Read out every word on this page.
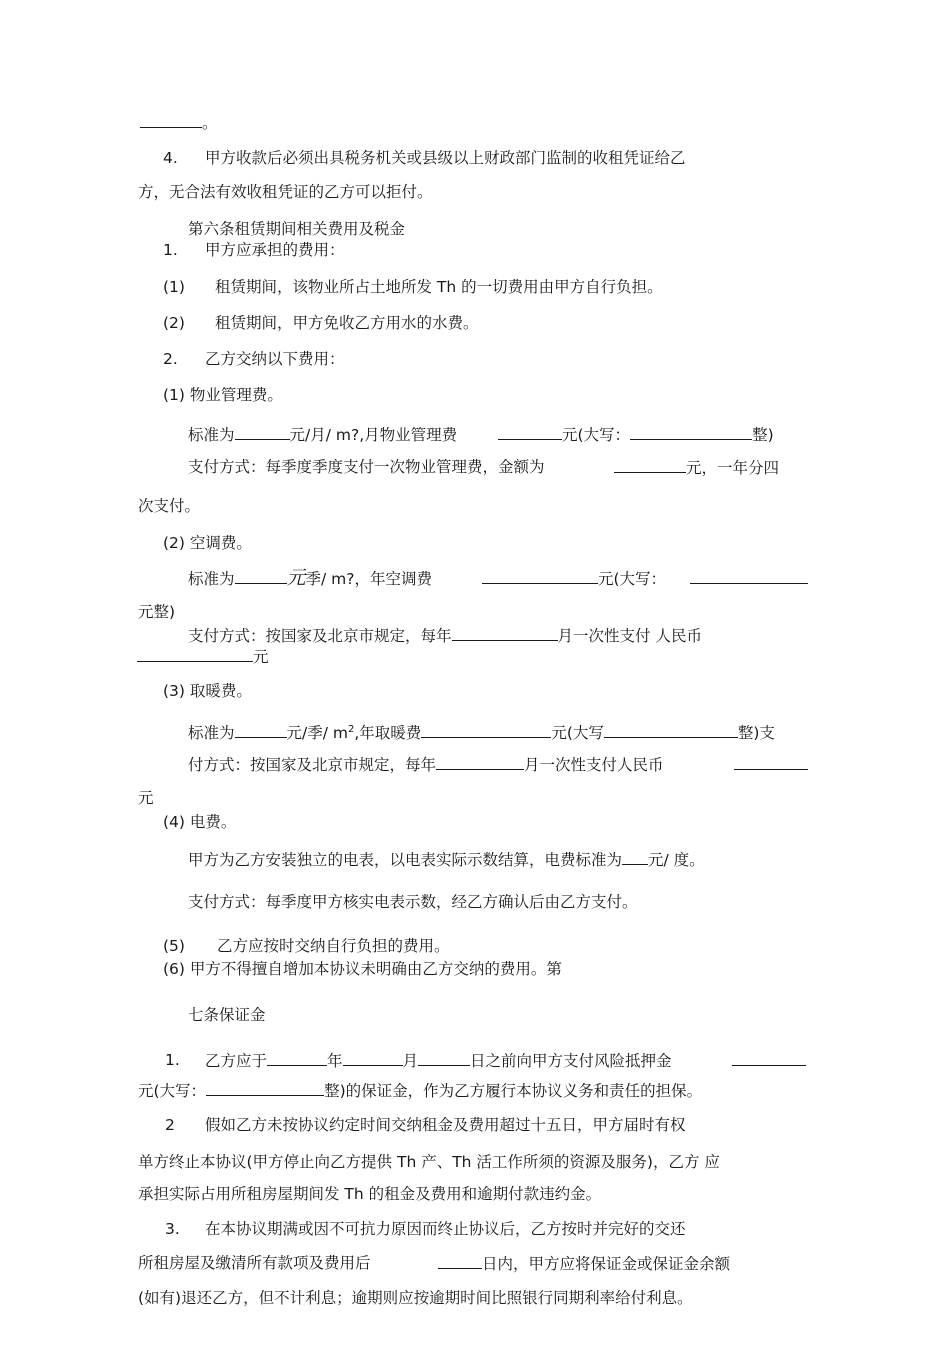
。
4. 甲方收款后必须出具税务机关或县级以上财政部门监制的收租凭证给乙
方，无合法有效收租凭证的乙方可以拒付。
第六条租赁期间相关费用及税金
1. 甲方应承担的费用：
(1) 租赁期间，该物业所占土地所发 Th 的一切费用由甲方自行负担。
(2) 租赁期间，甲方免收乙方用水的水费。
2. 乙方交纳以下费用：
(1) 物业管理费。
标准为	元/月/ m?,月物业管理费	元(大写：	整)
支付方式：每季度季度支付一次物业管理费，金额为	元，一年分四
次支付。
(2) 空调费。
标准为	元季/ m?，年空调费	元(大写：
元整)
支付方式：按国家及北京市规定，每年	月一次性支付 人民币
元
(3) 取暖费。
标准为	元/季/ $m^2$,年取暖费	元(大写	整)支
付方式：按国家及北京市规定，每年	月一次性支付人民币
元
(4) 电费。
甲方为乙方安装独立的电表，以电表实际示数结算，电费标准为 元/ 度。
支付方式：每季度甲方核实电表示数，经乙方确认后由乙方支付。
(5) 乙方应按时交纳自行负担的费用。
(6) 甲方不得擅自增加本协议未明确由乙方交纳的费用。第
七条保证金
1. 乙方应于	年	月	日之前向甲方支付风险抵押金
元(大写：	整)的保证金，作为乙方履行本协议义务和责任的担保。
2 假如乙方未按协议约定时间交纳租金及费用超过十五日，甲方届时有权
单方终止本协议(甲方停止向乙方提供 Th 产、Th 活工作所须的资源及服务)，乙方 应
承担实际占用所租房屋期间发 Th 的租金及费用和逾期付款违约金。
3. 在本协议期满或因不可抗力原因而终止协议后，乙方按时并完好的交还
所租房屋及缴清所有款项及费用后	日内，甲方应将保证金或保证金余额
(如有)退还乙方，但不计利息；逾期则应按逾期时间比照银行同期利率给付利息。
